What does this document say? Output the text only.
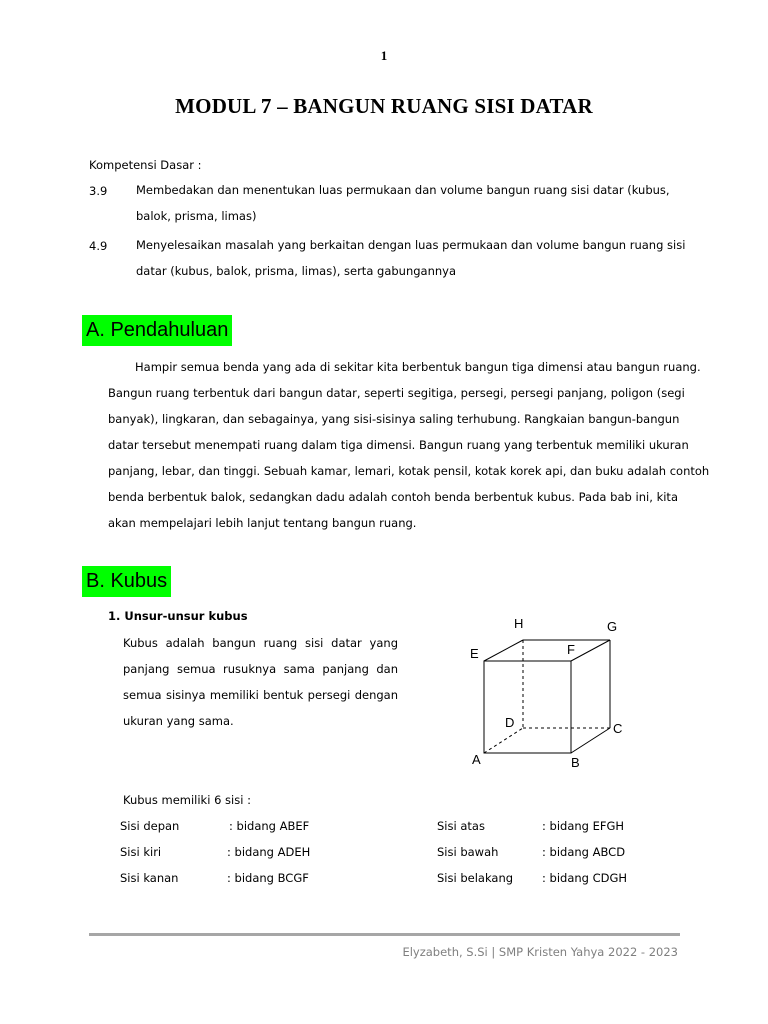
1
MODUL 7 – BANGUN RUANG SISI DATAR
Kompetensi Dasar :
3.9 Membedakan dan menentukan luas permukaan dan volume bangun ruang sisi datar (kubus,
balok, prisma, limas)
4.9 Menyelesaikan masalah yang berkaitan dengan luas permukaan dan volume bangun ruang sisi
datar (kubus, balok, prisma, limas), serta gabungannya
A. Pendahuluan
Hampir semua benda yang ada di sekitar kita berbentuk bangun tiga dimensi atau bangun ruang.
Bangun ruang terbentuk dari bangun datar, seperti segitiga, persegi, persegi panjang, poligon (segi
banyak), lingkaran, dan sebagainya, yang sisi-sisinya saling terhubung. Rangkaian bangun-bangun
datar tersebut menempati ruang dalam tiga dimensi. Bangun ruang yang terbentuk memiliki ukuran
panjang, lebar, dan tinggi. Sebuah kamar, lemari, kotak pensil, kotak korek api, dan buku adalah contoh
benda berbentuk balok, sedangkan dadu adalah contoh benda berbentuk kubus. Pada bab ini, kita
akan mempelajari lebih lanjut tentang bangun ruang.
B. Kubus
1. Unsur-unsur kubus
Kubus adalah bangun ruang sisi datar yang
panjang semua rusuknya sama panjang dan
semua sisinya memiliki bentuk persegi dengan
ukuran yang sama.
A	B
C
D
E	F
G
H
Kubus memiliki 6 sisi :
Sisi depan	: bidang ABEF
Sisi kiri	: bidang ADEH
Sisi kanan	: bidang BCGF
Sisi atas	: bidang EFGH
Sisi bawah	: bidang ABCD
Sisi belakang	: bidang CDGH
Elyzabeth, S.Si | SMP Kristen Yahya 2022 - 2023
